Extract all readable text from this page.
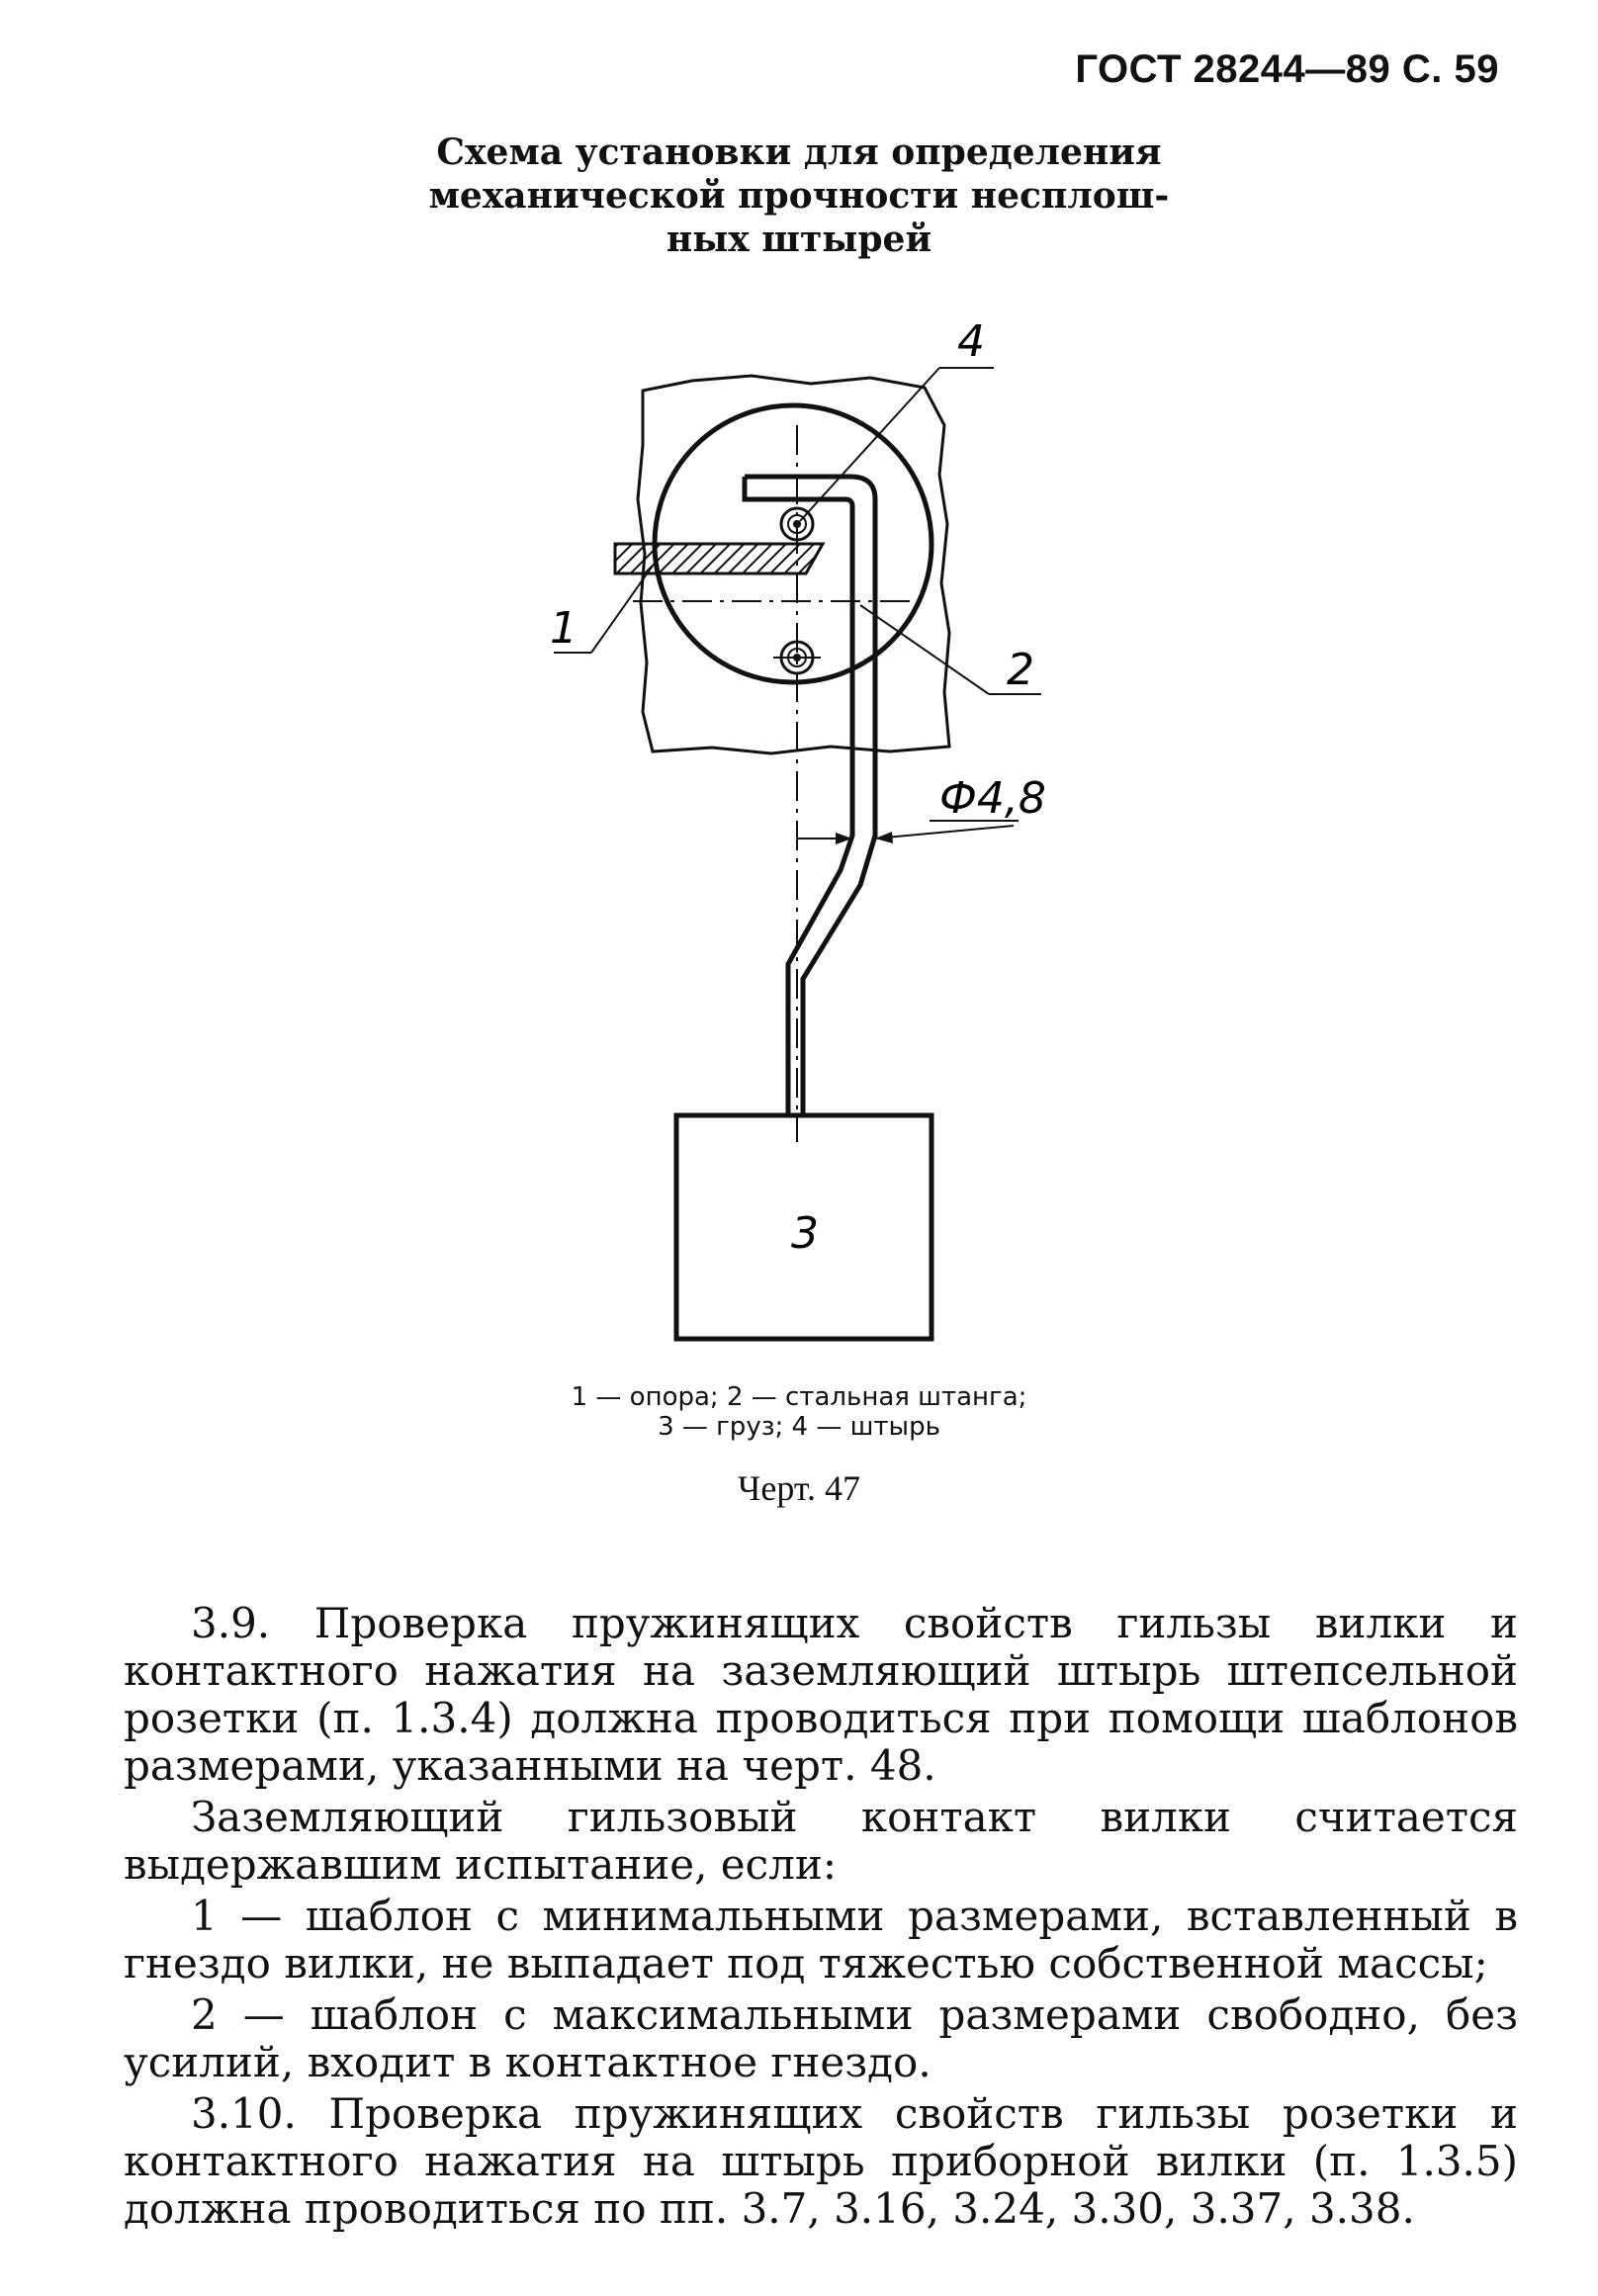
ГОСТ 28244—89 С. 59
Схема установки для определения
механической прочности несплош-
ных штырей
4
1
2
3
Ф4,8
1 — опора; 2 — стальная штанга;
3 — груз; 4 — штырь
Черт. 47

3.9. Проверка пружинящих свойств гильзы вилки и контактного нажатия на заземляющий штырь штепсельной розетки (п. 1.3.4) должна проводиться при помощи шаблонов размерами, указанными на черт. 48.

Заземляющий гильзовый контакт вилки считается выдержавшим испытание, если:

1 — шаблон с минимальными размерами, вставленный в гнездо вилки, не выпадает под тяжестью собственной массы;

2 — шаблон с максимальными размерами свободно, без усилий, входит в контактное гнездо.

3.10. Проверка пружинящих свойств гильзы розетки и контактного нажатия на штырь приборной вилки (п. 1.3.5) должна проводиться по пп. 3.7, 3.16, 3.24, 3.30, 3.37, 3.38.
